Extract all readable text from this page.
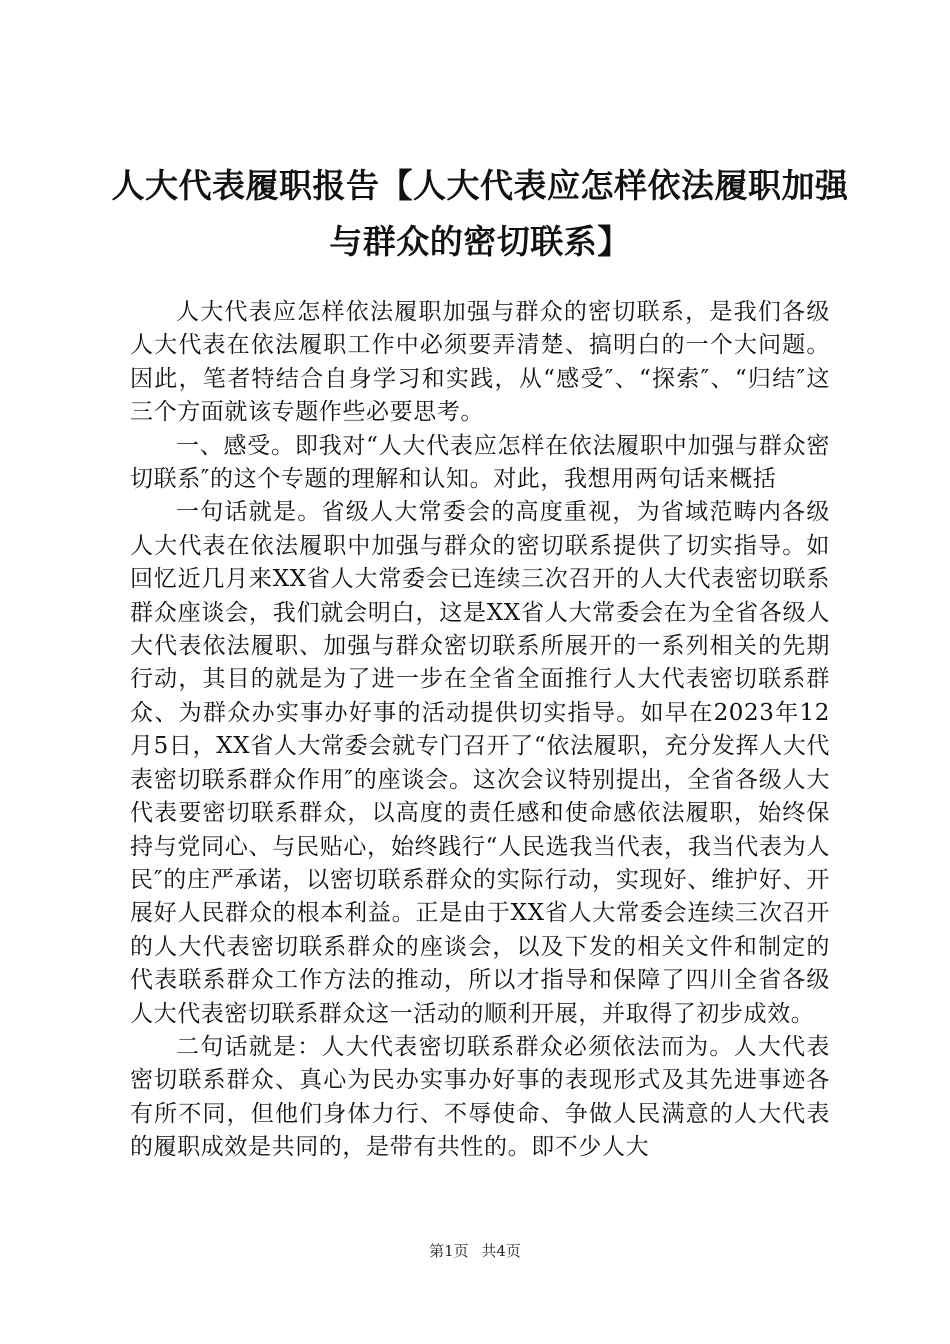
人大代表履职报告【人大代表应怎样依法履职加强与群众的密切联系】

人大代表应怎样依法履职加强与群众的密切联系，是我们各级人大代表在依法履职工作中必须要弄清楚、搞明白的一个大问题。因此，笔者特结合自身学习和实践，从“感受″、“探索″、“归结″这三个方面就该专题作些必要思考。

一、感受。即我对“人大代表应怎样在依法履职中加强与群众密切联系″的这个专题的理解和认知。对此，我想用两句话来概括

一句话就是。省级人大常委会的高度重视，为省域范畴内各级人大代表在依法履职中加强与群众的密切联系提供了切实指导。如回忆近几月来XX省人大常委会已连续三次召开的人大代表密切联系群众座谈会，我们就会明白，这是XX省人大常委会在为全省各级人大代表依法履职、加强与群众密切联系所展开的一系列相关的先期行动，其目的就是为了进一步在全省全面推行人大代表密切联系群众、为群众办实事办好事的活动提供切实指导。如早在2023年12月5日，XX省人大常委会就专门召开了“依法履职，充分发挥人大代表密切联系群众作用″的座谈会。这次会议特别提出，全省各级人大代表要密切联系群众，以高度的责任感和使命感依法履职，始终保持与党同心、与民贴心，始终践行“人民选我当代表，我当代表为人民″的庄严承诺，以密切联系群众的实际行动，实现好、维护好、开展好人民群众的根本利益。正是由于XX省人大常委会连续三次召开的人大代表密切联系群众的座谈会，以及下发的相关文件和制定的代表联系群众工作方法的推动，所以才指导和保障了四川全省各级人大代表密切联系群众这一活动的顺利开展，并取得了初步成效。

二句话就是：人大代表密切联系群众必须依法而为。人大代表密切联系群众、真心为民办实事办好事的表现形式及其先进事迹各有所不同，但他们身体力行、不辱使命、争做人民满意的人大代表的履职成效是共同的，是带有共性的。即不少人大

第1页 共4页
